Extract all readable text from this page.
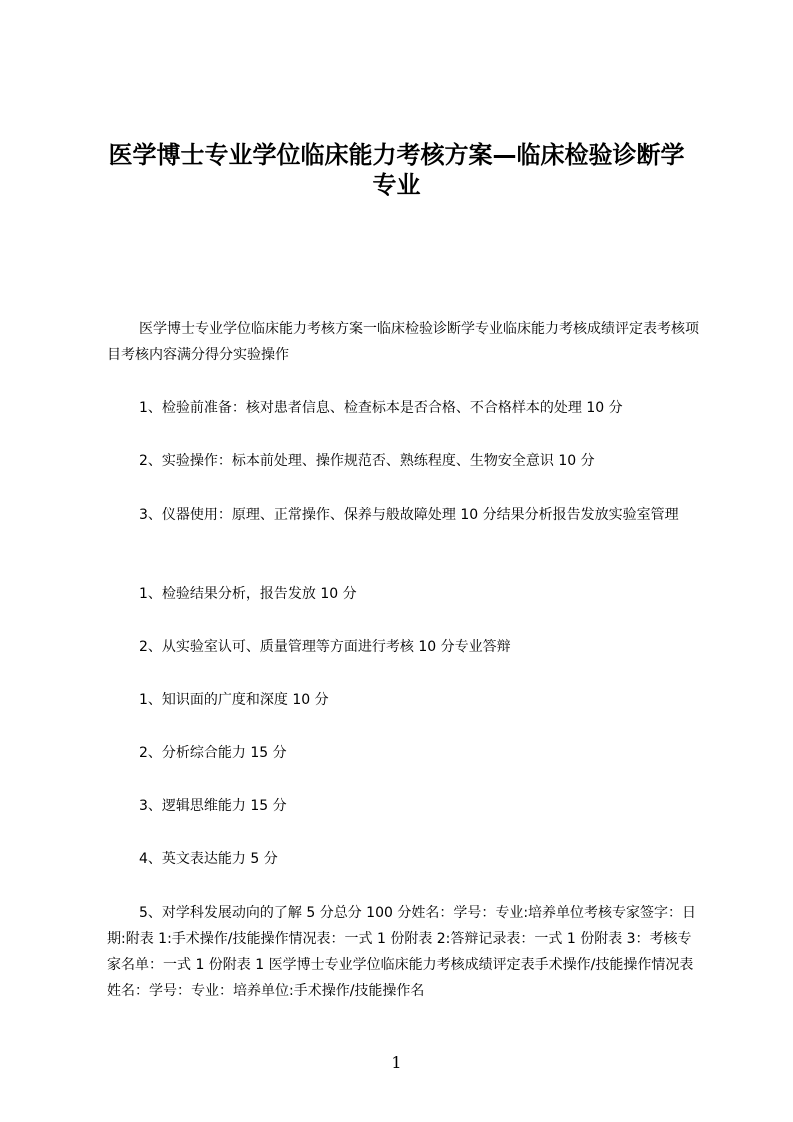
医学博士专业学位临床能力考核方案—临床检验诊断学专业

医学博士专业学位临床能力考核方案一临床检验诊断学专业临床能力考核成绩评定表考核项目考核内容满分得分实验操作

1、检验前准备：核对患者信息、检查标本是否合格、不合格样本的处理 10 分

2、实验操作：标本前处理、操作规范否、熟练程度、生物安全意识 10 分

3、仪器使用：原理、正常操作、保养与般故障处理 10 分结果分析报告发放实验室管理

1、检验结果分析，报告发放 10 分

2、从实验室认可、质量管理等方面进行考核 10 分专业答辩

1、知识面的广度和深度 10 分

2、分析综合能力 15 分

3、逻辑思维能力 15 分

4、英文表达能力 5 分

5、对学科发展动向的了解 5 分总分 100 分姓名：学号：专业:培养单位考核专家签字：日期:附表 1:手术操作/技能操作情况表：一式 1 份附表 2:答辩记录表：一式 1 份附表 3：考核专家名单：一式 1 份附表 1 医学博士专业学位临床能力考核成绩评定表手术操作/技能操作情况表姓名：学号：专业：培养单位:手术操作/技能操作名

1
